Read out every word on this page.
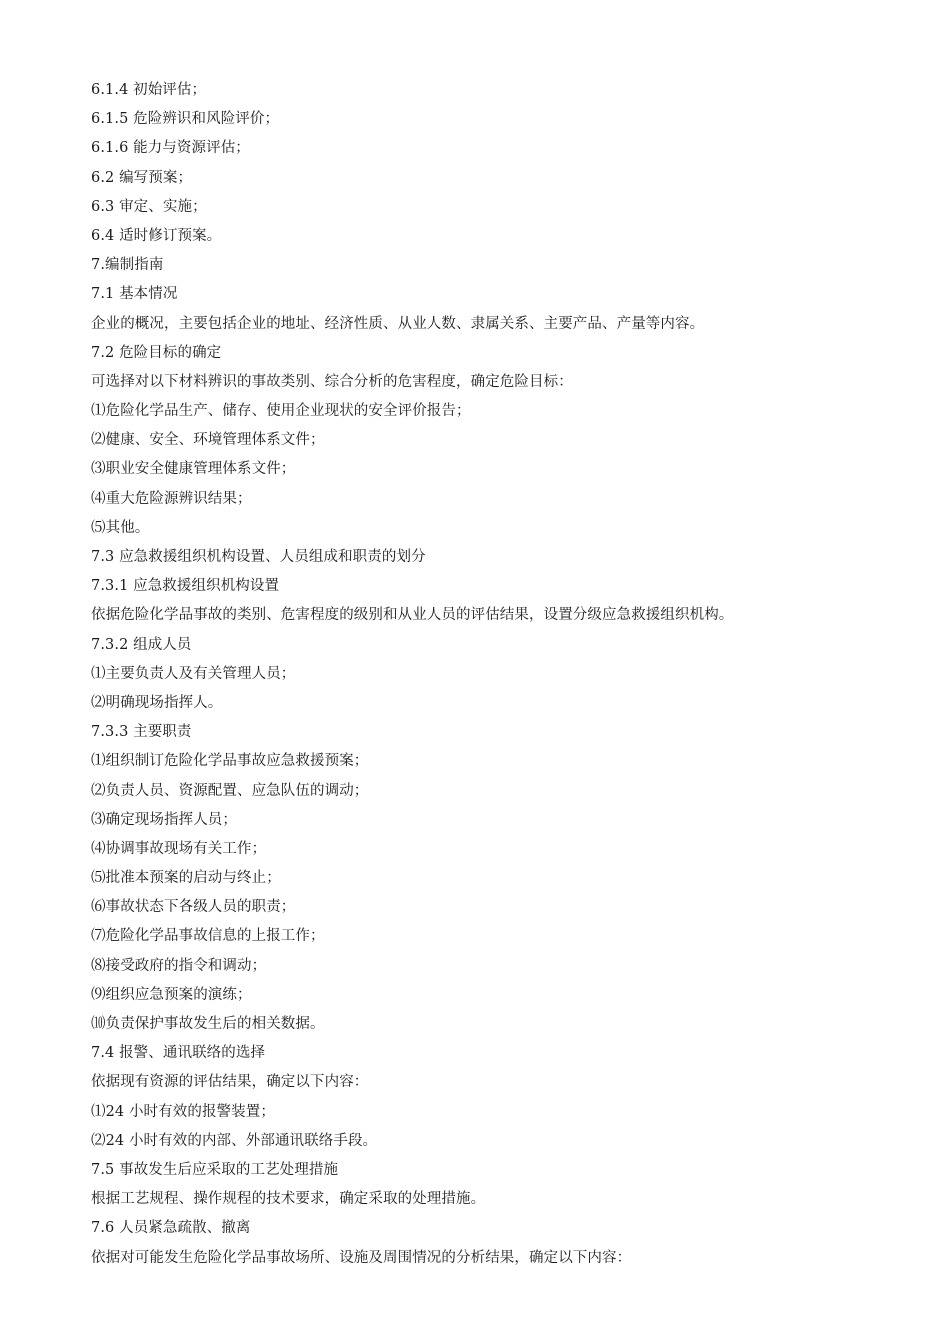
6.1.4 初始评估；
6.1.5 危险辨识和风险评价；
6.1.6 能力与资源评估；
6.2 编写预案；
6.3 审定、实施；
6.4 适时修订预案。
7.编制指南
7.1 基本情况
企业的概况，主要包括企业的地址、经济性质、从业人数、隶属关系、主要产品、产量等内容。
7.2 危险目标的确定
可选择对以下材料辨识的事故类别、综合分析的危害程度，确定危险目标：
⑴危险化学品生产、储存、使用企业现状的安全评价报告；
⑵健康、安全、环境管理体系文件；
⑶职业安全健康管理体系文件；
⑷重大危险源辨识结果；
⑸其他。
7.3 应急救援组织机构设置、人员组成和职责的划分
7.3.1 应急救援组织机构设置
依据危险化学品事故的类别、危害程度的级别和从业人员的评估结果，设置分级应急救援组织机构。
7.3.2 组成人员
⑴主要负责人及有关管理人员；
⑵明确现场指挥人。
7.3.3 主要职责
⑴组织制订危险化学品事故应急救援预案；
⑵负责人员、资源配置、应急队伍的调动；
⑶确定现场指挥人员；
⑷协调事故现场有关工作；
⑸批准本预案的启动与终止；
⑹事故状态下各级人员的职责；
⑺危险化学品事故信息的上报工作；
⑻接受政府的指令和调动；
⑼组织应急预案的演练；
⑽负责保护事故发生后的相关数据。
7.4 报警、通讯联络的选择
依据现有资源的评估结果，确定以下内容：
⑴24 小时有效的报警装置；
⑵24 小时有效的内部、外部通讯联络手段。
7.5 事故发生后应采取的工艺处理措施
根据工艺规程、操作规程的技术要求，确定采取的处理措施。
7.6 人员紧急疏散、撤离
依据对可能发生危险化学品事故场所、设施及周围情况的分析结果，确定以下内容：
